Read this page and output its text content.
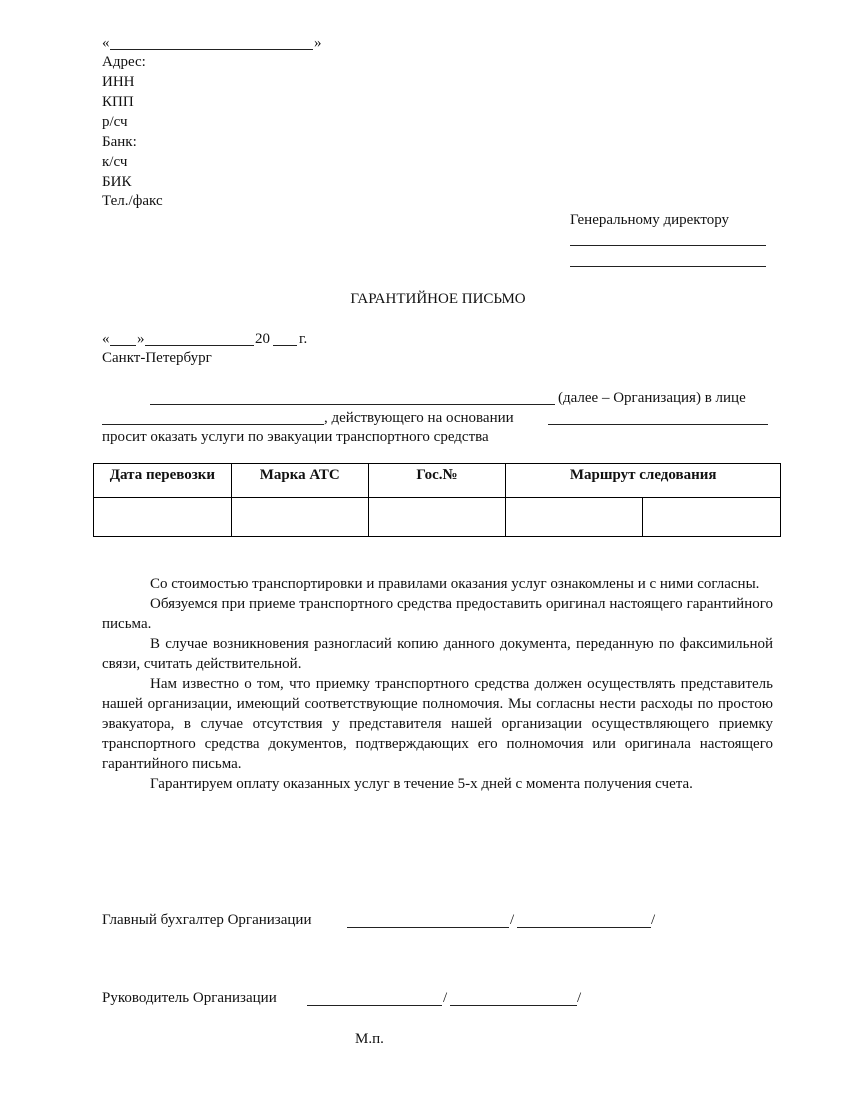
«	»
Адрес:
ИНН
КПП
р/сч
Банк:
к/сч
БИК
Тел./факс
Генеральному директору
ГАРАНТИЙНОЕ ПИСЬМО
« »	20 г.
Санкт-Петербург
(далее – Организация) в лице
, действующего на основании
просит оказать услуги по эвакуации транспортного средства
Дата перевозки	Марка АТС	Гос.№	Маршрут следования	

Со стоимостью транспортировки и правилами оказания услуг ознакомлены и с ними согласны.

Обязуемся при приеме транспортного средства предоставить оригинал настоящего гарантийного письма.

В случае возникновения разногласий копию данного документа, переданную по факсимильной связи, считать действительной.

Нам известно о том, что приемку транспортного средства должен осуществлять представитель нашей организации, имеющий соответствующие полномочия. Мы согласны нести расходы по простою эвакуатора, в случае отсутствия у представителя нашей организации осуществляющего приемку транспортного средства документов, подтверждающих его полномочия или оригинала настоящего гарантийного письма.

Гарантируем оплату оказанных услуг в течение 5-х дней с момента получения счета.

Главный бухгалтер Организации	/	/
Руководитель Организации	/	/
М.п.
